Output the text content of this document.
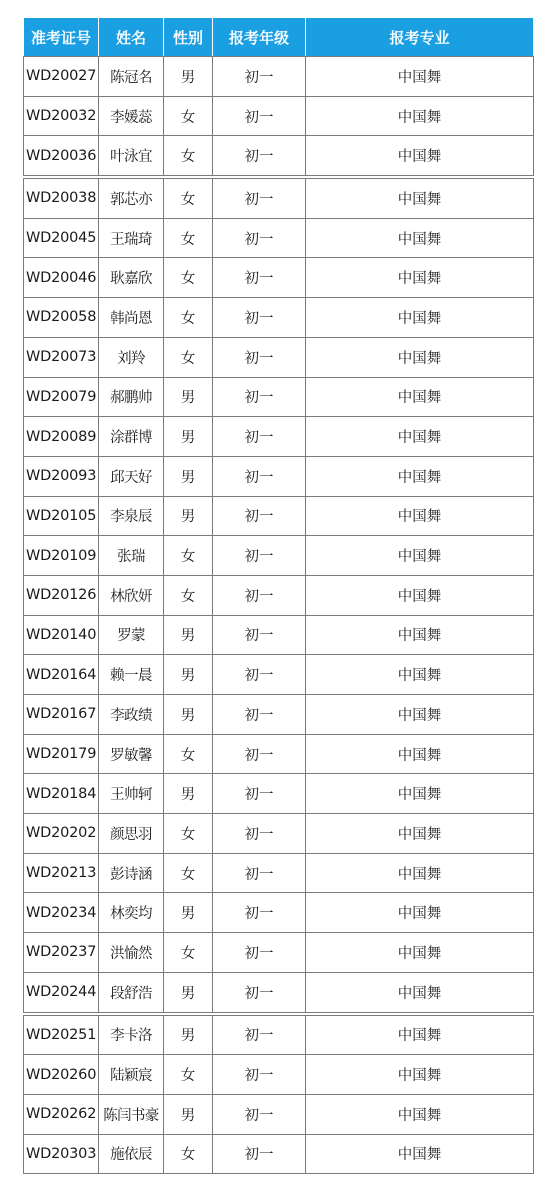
准考证号	姓名	性别	报考年级	报考专业
WD20027	陈冠名	男	初一	中国舞
WD20032	李媛蕊	女	初一	中国舞
WD20036	叶泳宜	女	初一	中国舞
WD20038	郭芯亦	女	初一	中国舞
WD20045	王瑞琦	女	初一	中国舞
WD20046	耿嘉欣	女	初一	中国舞
WD20058	韩尚恩	女	初一	中国舞
WD20073	刘羚	女	初一	中国舞
WD20079	郝鹏帅	男	初一	中国舞
WD20089	涂群博	男	初一	中国舞
WD20093	邱天好	男	初一	中国舞
WD20105	李泉辰	男	初一	中国舞
WD20109	张瑞	女	初一	中国舞
WD20126	林欣妍	女	初一	中国舞
WD20140	罗蒙	男	初一	中国舞
WD20164	赖一晨	男	初一	中国舞
WD20167	李政绩	男	初一	中国舞
WD20179	罗敏馨	女	初一	中国舞
WD20184	王帅轲	男	初一	中国舞
WD20202	颜思羽	女	初一	中国舞
WD20213	彭诗涵	女	初一	中国舞
WD20234	林奕均	男	初一	中国舞
WD20237	洪愉然	女	初一	中国舞
WD20244	段舒浩	男	初一	中国舞
WD20251	李卡洛	男	初一	中国舞
WD20260	陆颖宸	女	初一	中国舞
WD20262	陈闫书豪	男	初一	中国舞
WD20303	施依辰	女	初一	中国舞
